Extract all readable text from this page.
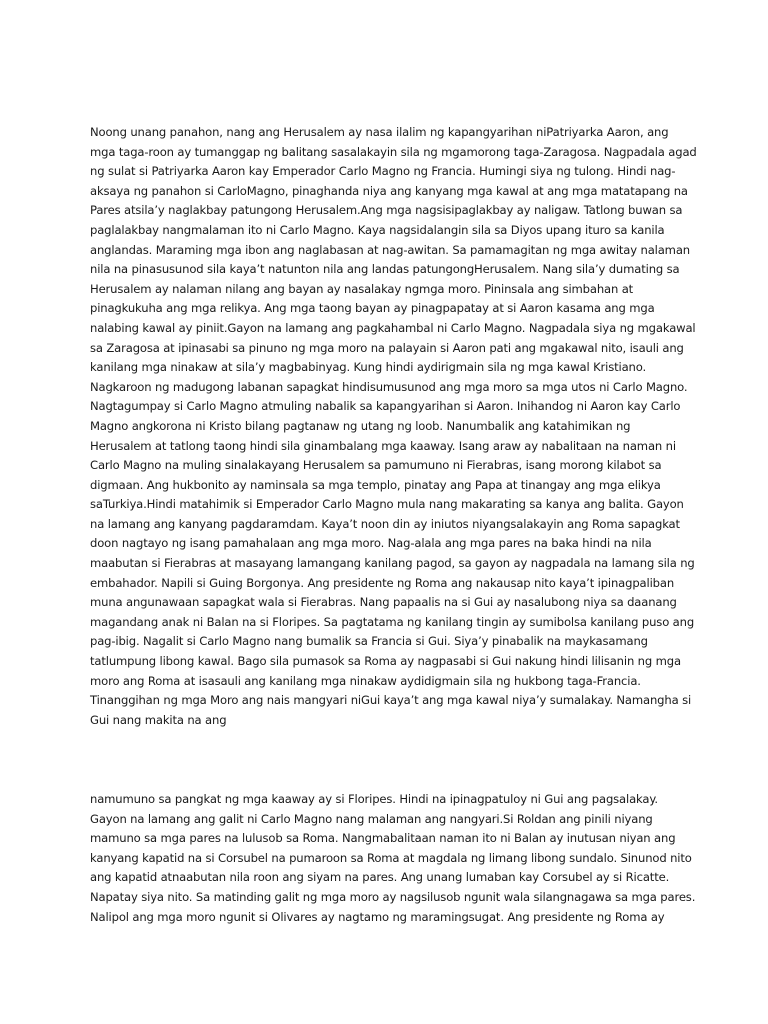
Noong unang panahon, nang ang Herusalem ay nasa ilalim ng kapangyarihan niPatriyarka Aaron, ang
mga taga-roon ay tumanggap ng balitang sasalakayin sila ng mgamorong taga-Zaragosa. Nagpadala agad
ng sulat si Patriyarka Aaron kay Emperador Carlo Magno ng Francia. Humingi siya ng tulong. Hindi nag-
aksaya ng panahon si CarloMagno, pinaghanda niya ang kanyang mga kawal at ang mga matatapang na
Pares atsila’y naglakbay patungong Herusalem.Ang mga nagsisipaglakbay ay naligaw. Tatlong buwan sa
paglalakbay nangmalaman ito ni Carlo Magno. Kaya nagsidalangin sila sa Diyos upang ituro sa kanila
anglandas. Maraming mga ibon ang naglabasan at nag-awitan. Sa pamamagitan ng mga awitay nalaman
nila na pinasusunod sila kaya’t natunton nila ang landas patungongHerusalem. Nang sila’y dumating sa
Herusalem ay nalaman nilang ang bayan ay nasalakay ngmga moro. Pininsala ang simbahan at
pinagkukuha ang mga relikya. Ang mga taong bayan ay pinagpapatay at si Aaron kasama ang mga
nalabing kawal ay piniit.Gayon na lamang ang pagkahambal ni Carlo Magno. Nagpadala siya ng mgakawal
sa Zaragosa at ipinasabi sa pinuno ng mga moro na palayain si Aaron pati ang mgakawal nito, isauli ang
kanilang mga ninakaw at sila’y magbabinyag. Kung hindi aydirigmain sila ng mga kawal Kristiano.
Nagkaroon ng madugong labanan sapagkat hindisumusunod ang mga moro sa mga utos ni Carlo Magno.
Nagtagumpay si Carlo Magno atmuling nabalik sa kapangyarihan si Aaron. Inihandog ni Aaron kay Carlo
Magno angkorona ni Kristo bilang pagtanaw ng utang ng loob. Nanumbalik ang katahimikan ng
Herusalem at tatlong taong hindi sila ginambalang mga kaaway. Isang araw ay nabalitaan na naman ni
Carlo Magno na muling sinalakayang Herusalem sa pamumuno ni Fierabras, isang morong kilabot sa
digmaan. Ang hukbonito ay naminsala sa mga templo, pinatay ang Papa at tinangay ang mga elikya
saTurkiya.Hindi matahimik si Emperador Carlo Magno mula nang makarating sa kanya ang balita. Gayon
na lamang ang kanyang pagdaramdam. Kaya’t noon din ay iniutos niyangsalakayin ang Roma sapagkat
doon nagtayo ng isang pamahalaan ang mga moro. Nag-alala ang mga pares na baka hindi na nila
maabutan si Fierabras at masayang lamangang kanilang pagod, sa gayon ay nagpadala na lamang sila ng
embahador. Napili si Guing Borgonya. Ang presidente ng Roma ang nakausap nito kaya’t ipinagpaliban
muna angunawaan sapagkat wala si Fierabras. Nang papaalis na si Gui ay nasalubong niya sa daanang
magandang anak ni Balan na si Floripes. Sa pagtatama ng kanilang tingin ay sumibolsa kanilang puso ang
pag-ibig. Nagalit si Carlo Magno nang bumalik sa Francia si Gui. Siya’y pinabalik na maykasamang
tatlumpung libong kawal. Bago sila pumasok sa Roma ay nagpasabi si Gui nakung hindi lilisanin ng mga
moro ang Roma at isasauli ang kanilang mga ninakaw aydidigmain sila ng hukbong taga-Francia.
Tinanggihan ng mga Moro ang nais mangyari niGui kaya’t ang mga kawal niya’y sumalakay. Namangha si
Gui nang makita na ang
namumuno sa pangkat ng mga kaaway ay si Floripes. Hindi na ipinagpatuloy ni Gui ang pagsalakay.
Gayon na lamang ang galit ni Carlo Magno nang malaman ang nangyari.Si Roldan ang pinili niyang
mamuno sa mga pares na lulusob sa Roma. Nangmabalitaan naman ito ni Balan ay inutusan niyan ang
kanyang kapatid na si Corsubel na pumaroon sa Roma at magdala ng limang libong sundalo. Sinunod nito
ang kapatid atnaabutan nila roon ang siyam na pares. Ang unang lumaban kay Corsubel ay si Ricatte.
Napatay siya nito. Sa matinding galit ng mga moro ay nagsilusob ngunit wala silangnagawa sa mga pares.
Nalipol ang mga moro ngunit si Olivares ay nagtamo ng maramingsugat. Ang presidente ng Roma ay
